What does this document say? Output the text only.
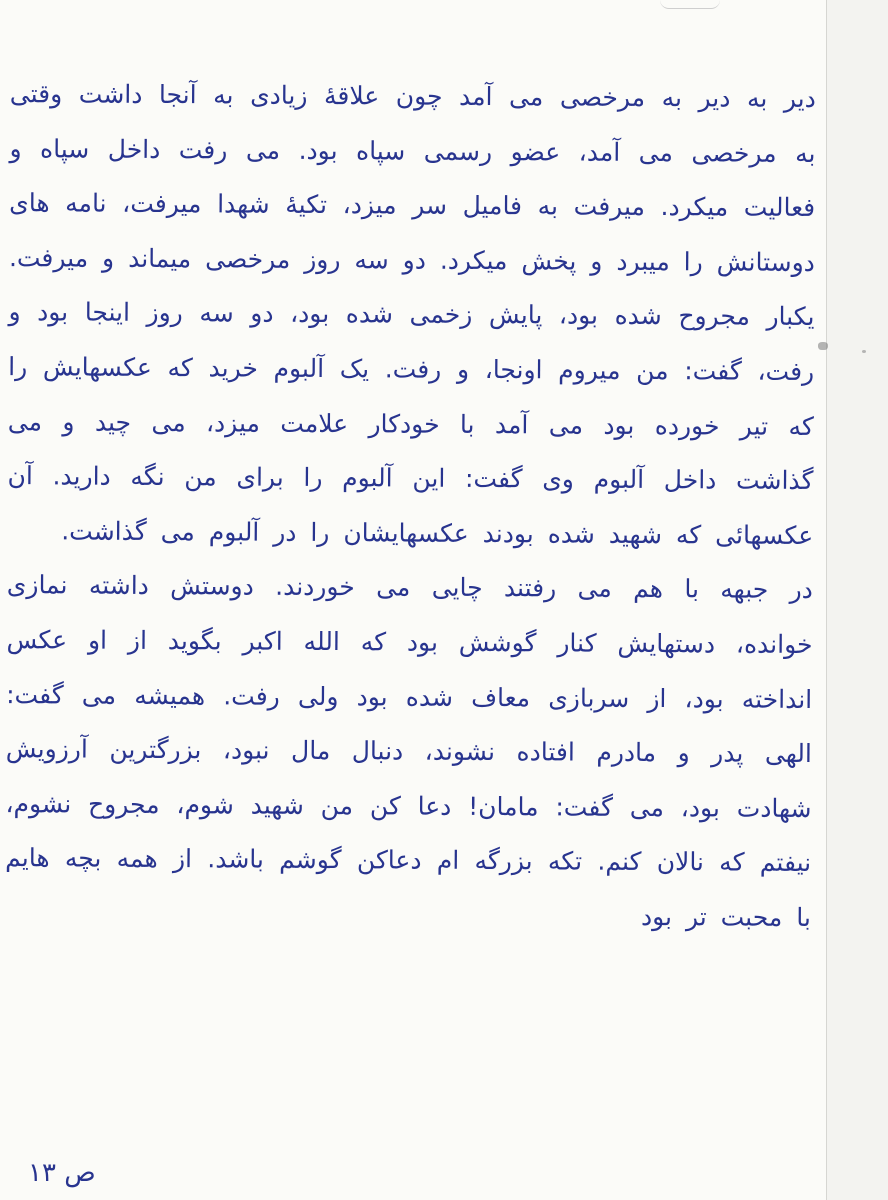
دیر به دیر به مرخصی می آمد چون علاقهٔ زیادی به آنجا داشت وقتی به مرخصی می آمد، عضو رسمی سپاه بود. می رفت داخل سپاه و فعالیت میکرد. میرفت به فامیل سر میزد، تکیهٔ شهدا میرفت، نامه های دوستانش را میبرد و پخش میکرد. دو سه روز مرخصی میماند و میرفت.

یکبار مجروح شده بود، پایش زخمی شده بود، دو سه روز اینجا بود و رفت، گفت: من میروم اونجا، و رفت. یک آلبوم خرید که عکسهایش را که تیر خورده بود می آمد با خودکار علامت میزد، می چید و می گذاشت داخل آلبوم وی گفت: این آلبوم را برای من نگه دارید. آن عکسهائی که شهید شده بودند عکسهایشان را در آلبوم می گذاشت.

در جبهه با هم می رفتند چایی می خوردند. دوستش داشته نمازی خوانده، دستهایش کنار گوشش بود که الله اکبر بگوید از او عکس انداخته بود، از سربازی معاف شده بود ولی رفت. همیشه می گفت: الهی پدر و مادرم افتاده نشوند، دنبال مال نبود، بزرگترین آرزویش شهادت بود، می گفت: مامان! دعا کن من شهید شوم، مجروح نشوم، نیفتم که نالان کنم. تکه بزرگه ام دعاکن گوشم باشد. از همه بچه هایم با محبت تر بود

ص ۱۳
